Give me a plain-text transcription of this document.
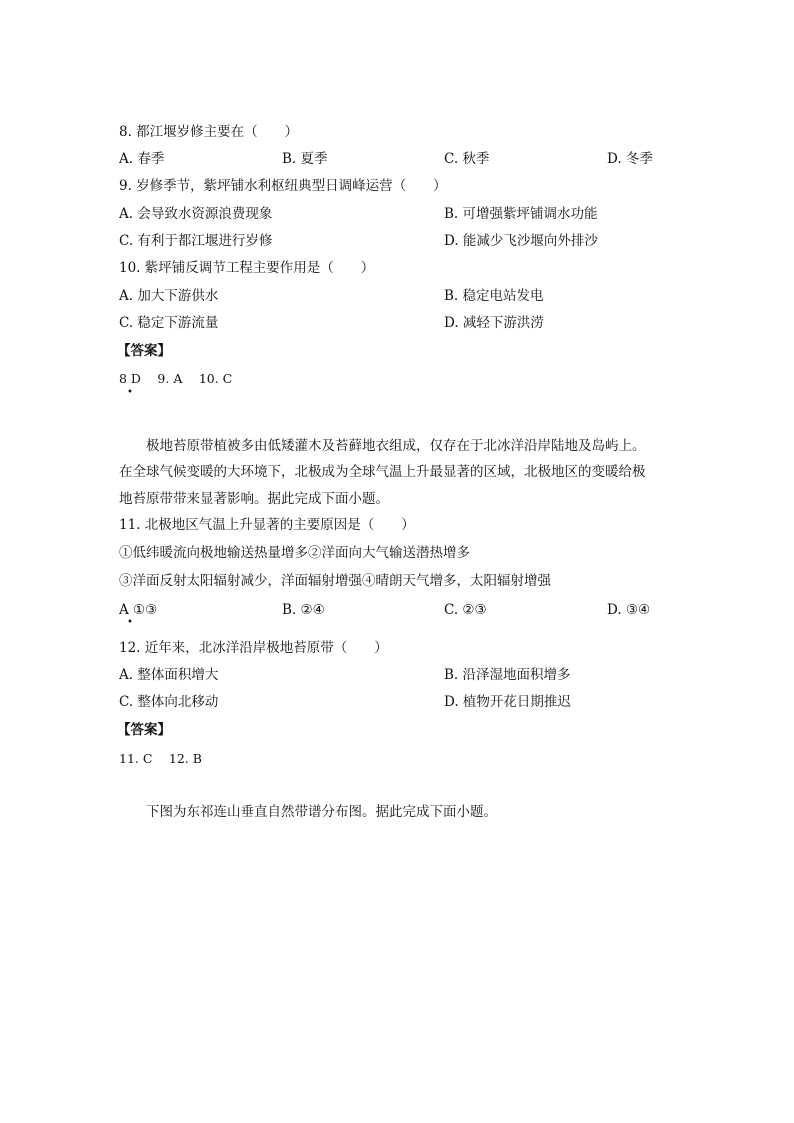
8. 都江堰岁修主要在（　　）
A. 春季	B. 夏季	C. 秋季	D. 冬季
9. 岁修季节，紫坪铺水利枢纽典型日调峰运营（　　）
A. 会导致水资源浪费现象	B. 可增强紫坪铺调水功能
C. 有利于都江堰进行岁修	D. 能减少飞沙堰向外排沙
10. 紫坪铺反调节工程主要作用是（　　）
A. 加大下游供水	B. 稳定电站发电
C. 稳定下游流量	D. 减轻下游洪涝
【答案】
8 D　 9. A　 10. C
•
极地苔原带植被多由低矮灌木及苔藓地衣组成，仅存在于北冰洋沿岸陆地及岛屿上。
在全球气候变暖的大环境下，北极成为全球气温上升最显著的区域，北极地区的变暖给极
地苔原带带来显著影响。据此完成下面小题。
11. 北极地区气温上升显著的主要原因是（　　）
①低纬暖流向极地输送热量增多②洋面向大气输送潜热增多
③洋面反射太阳辐射减少，洋面辐射增强④晴朗天气增多，太阳辐射增强
A ①③	B. ②④	C. ②③	D. ③④
•
12. 近年来，北冰洋沿岸极地苔原带（　　）
A. 整体面积增大	B. 沿泽湿地面积增多
C. 整体向北移动	D. 植物开花日期推迟
【答案】
11. C　 12. B
下图为东祁连山垂直自然带谱分布图。据此完成下面小题。
